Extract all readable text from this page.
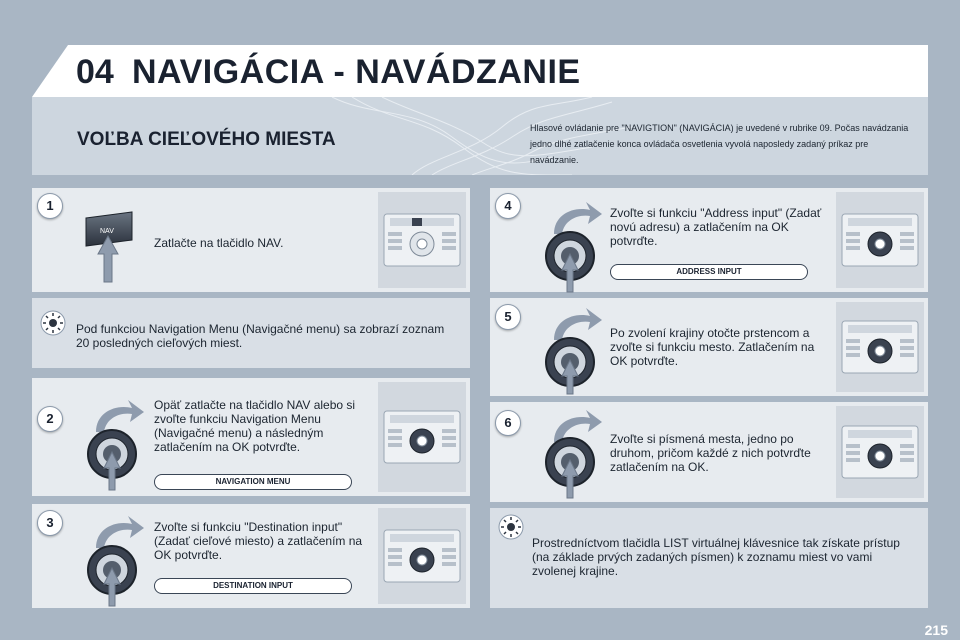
04 NAVIGÁCIA - NAVÁDZANIE
VOĽBA CIEĽOVÉHO MIESTA
Hlasové ovládanie pre "NAVIGTION" (NAVIGÁCIA) je uvedené v rubrike 09. Počas navádzania jedno dlhé zatlačenie konca ovládača osvetlenia vyvolá naposledy zadaný príkaz pre navádzanie.
NAV
Zatlačte na tlačidlo NAV.
1
Pod funkciou Navigation Menu (Navigačné menu) sa zobrazí zoznam 20 posledných cieľových miest.
Opäť zatlačte na tlačidlo NAV alebo si zvoľte funkciu Navigation Menu (Navigačné menu) a následným zatlačením na OK potvrďte.
NAVIGATION MENU
2
Zvoľte si funkciu "Destination input" (Zadať cieľové miesto) a zatlačením na OK potvrďte.
DESTINATION INPUT
3
Zvoľte si funkciu "Address input" (Zadať novú adresu) a zatlačením na OK potvrďte.
ADDRESS INPUT
4
Po zvolení krajiny otočte prstencom a zvoľte si funkciu mesto. Zatlačením na OK potvrďte.
5
Zvoľte si písmená mesta, jedno po druhom, pričom každé z nich potvrďte zatlačením na OK.
6
Prostredníctvom tlačidla LIST virtuálnej klávesnice tak získate prístup (na základe prvých zadaných písmen) k zoznamu miest vo vami zvolenej krajine.
215
